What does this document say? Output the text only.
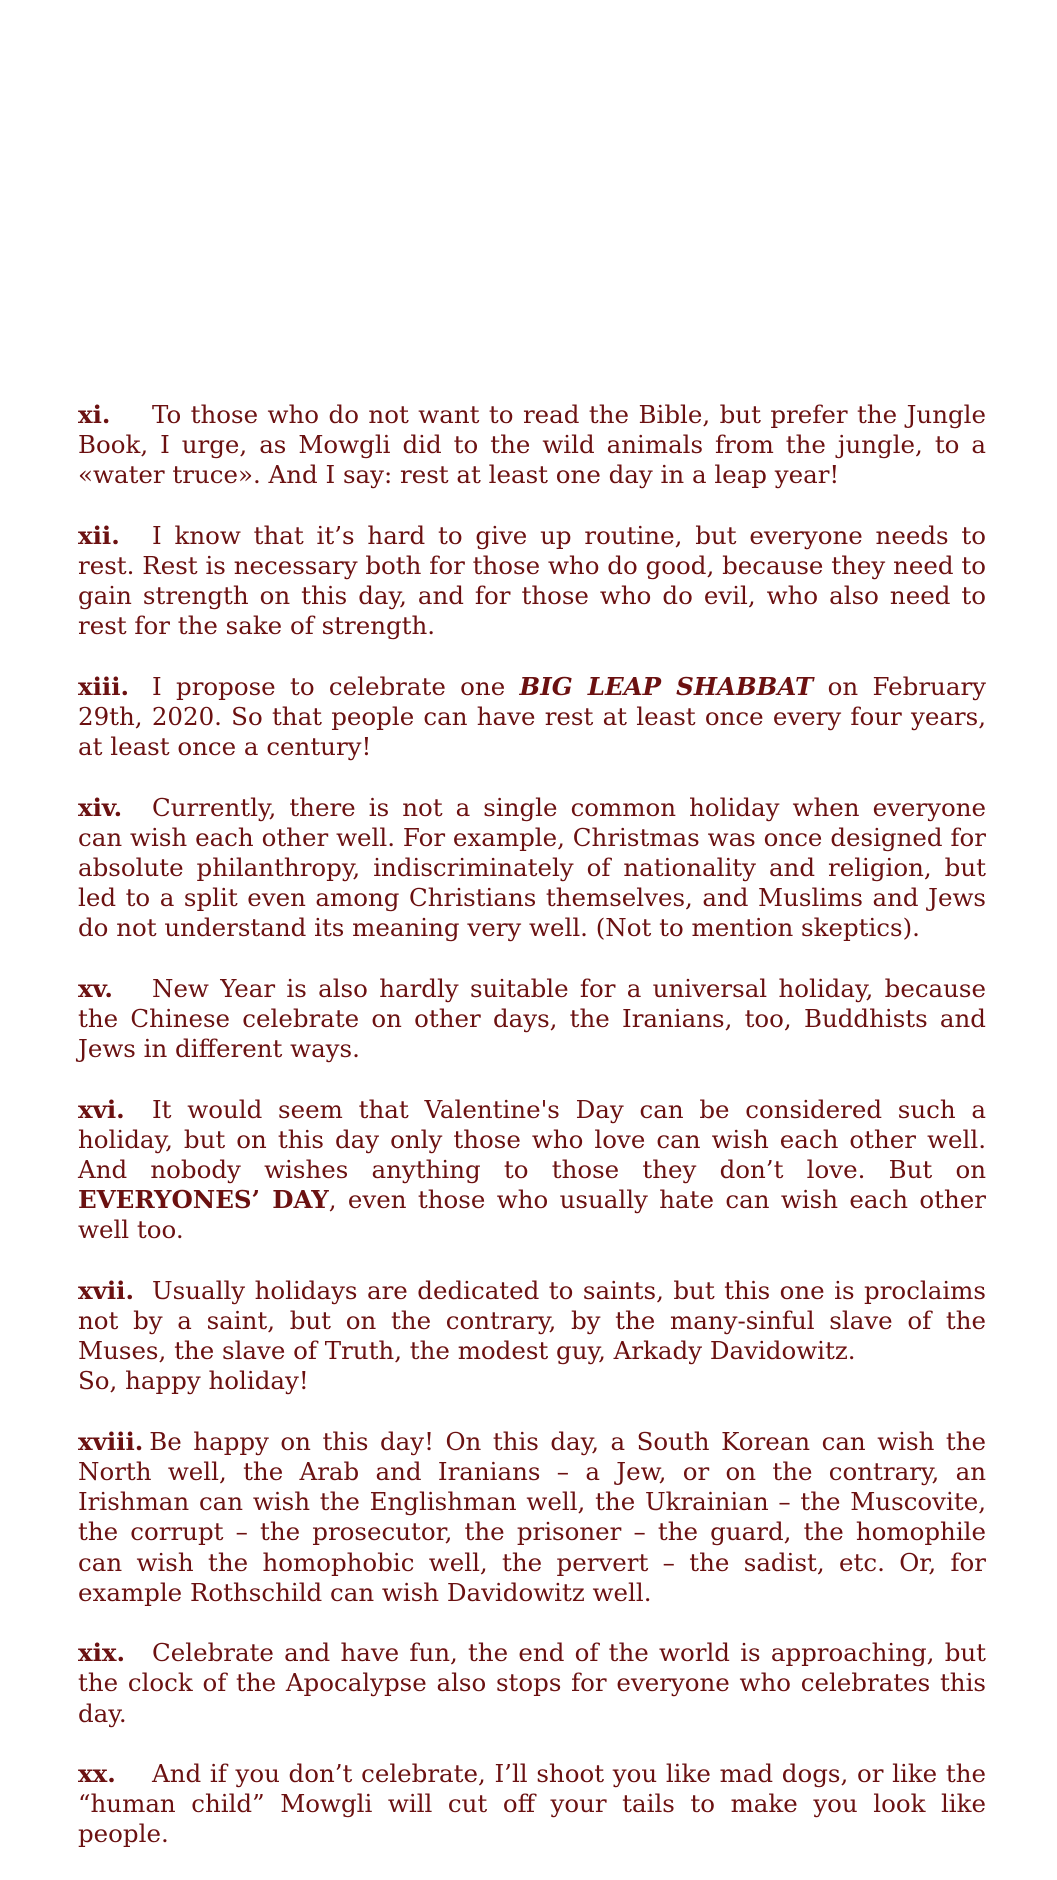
xi. To those who do not want to read the Bible, but prefer the Jungle Book, I urge, as Mowgli did to the wild animals from the jungle, to a «water truce». And I say: rest at least one day in a leap year!

xii. I know that it’s hard to give up routine, but everyone needs to rest. Rest is necessary both for those who do good, because they need to gain strength on this day, and for those who do evil, who also need to rest for the sake of strength.

xiii. I propose to celebrate one BIG LEAP SHABBAT on February 29th, 2020. So that people can have rest at least once every four years, at least once a century!

xiv. Currently, there is not a single common holiday when everyone can wish each other well. For example, Christmas was once designed for absolute philanthropy, indiscriminately of nationality and religion, but led to a split even among Christians themselves, and Muslims and Jews do not understand its meaning very well. (Not to mention skeptics).

xv. New Year is also hardly suitable for a universal holiday, because the Chinese celebrate on other days, the Iranians, too, Buddhists and Jews in different ways.

xvi. It would seem that Valentine's Day can be considered such a holiday, but on this day only those who love can wish each other well. And nobody wishes anything to those they don’t love. But on EVERYONES’ DAY, even those who usually hate can wish each other well too.

xvii. Usually holidays are dedicated to saints, but this one is proclaims not by a saint, but on the contrary, by the many-sinful slave of the Muses, the slave of Truth, the modest guy, Arkady Davidowitz.
So, happy holiday!

xviii. Be happy on this day! On this day, a South Korean can wish the North well, the Arab and Iranians – a Jew, or on the contrary, an Irishman can wish the Englishman well, the Ukrainian – the Muscovite, the corrupt – the prosecutor, the prisoner – the guard, the homophile can wish the homophobic well, the pervert – the sadist, etc. Or, for example Rothschild can wish Davidowitz well.

xix. Celebrate and have fun, the end of the world is approaching, but the clock of the Apocalypse also stops for everyone who celebrates this day.

xx. And if you don’t celebrate, I’ll shoot you like mad dogs, or like the “human child” Mowgli will cut off your tails to make you look like people.
